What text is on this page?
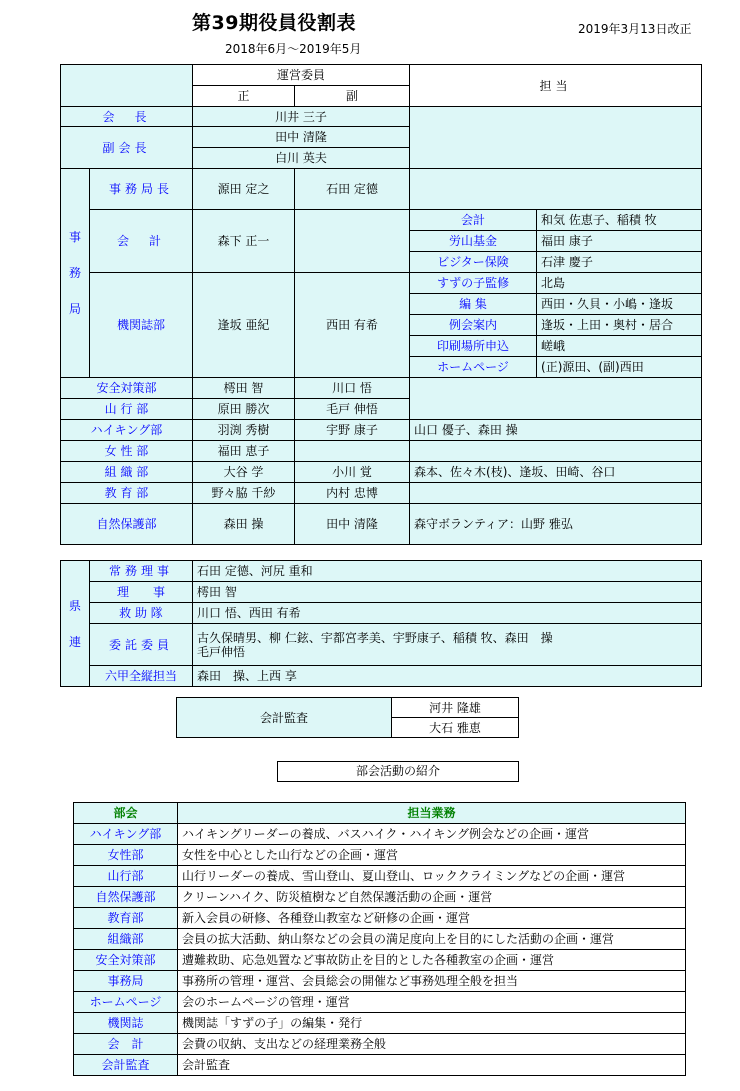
第39期役員役割表	2019年3月13日改正
2018年6月～2019年5月
		運営委員		担当	
		正	副		
会　長		川井 三子			
副会長		田中 清隆			
		白川 英夫			

事
務
局	事務局長	源田 定之	石田 定德		
	会　計	森下 正一		会計	和気 佐恵子、稲積 牧
				労山基金	福田 康子
				ビジター保険	石津 慶子
	機関誌部	逢坂 亜紀	西田 有希	すずの子監修	北島
				編 集	西田・久貝・小嶋・逢坂
				例会案内	逢坂・上田・奥村・居合
				印刷場所申込	嵯峨
				ホームページ	(正)源田、(副)西田
安全対策部		樗田 智	川口 悟		
山 行 部		原田 勝次	毛戸 伸悟		
ハイキング部		羽渕 秀樹	宇野 康子	山口 優子、森田 操	
女 性 部		福田 恵子			
組 織 部		大谷 学	小川 覚	森本、佐々木(枝)、逢坂、田崎、谷口	
教 育 部		野々脇 千紗	内村 忠博		
自然保護部		森田 操	田中 清隆	森守ボランティア：山野 雅弘	
県
連	常務理事	石田 定德、河尻 重和
	理　　事	樗田 智
	救 助 隊	川口 悟、西田 有希
	委託委員	古久保晴男、柳 仁鉉、宇都宮孝美、宇野康子、稲積 牧、森田　操
毛戸伸悟

	六甲全縦担当	森田　操、上西 享
会計監査	河井 隆雄
大石 雅恵
部会活動の紹介
部会	担当業務
ハイキング部	ハイキングリーダーの養成、バスハイク・ハイキング例会などの企画・運営
女性部	女性を中心とした山行などの企画・運営
山行部	山行リーダーの養成、雪山登山、夏山登山、ロッククライミングなどの企画・運営
自然保護部	クリーンハイク、防災植樹など自然保護活動の企画・運営
教育部	新入会員の研修、各種登山教室など研修の企画・運営
組織部	会員の拡大活動、納山祭などの会員の満足度向上を目的にした活動の企画・運営
安全対策部	遭難救助、応急処置など事故防止を目的とした各種教室の企画・運営
事務局	事務所の管理・運営、会員総会の開催など事務処理全般を担当
ホームページ	会のホームページの管理・運営
機関誌	機関誌「すずの子」の編集・発行
会　計	会費の収納、支出などの経理業務全般
会計監査	会計監査
